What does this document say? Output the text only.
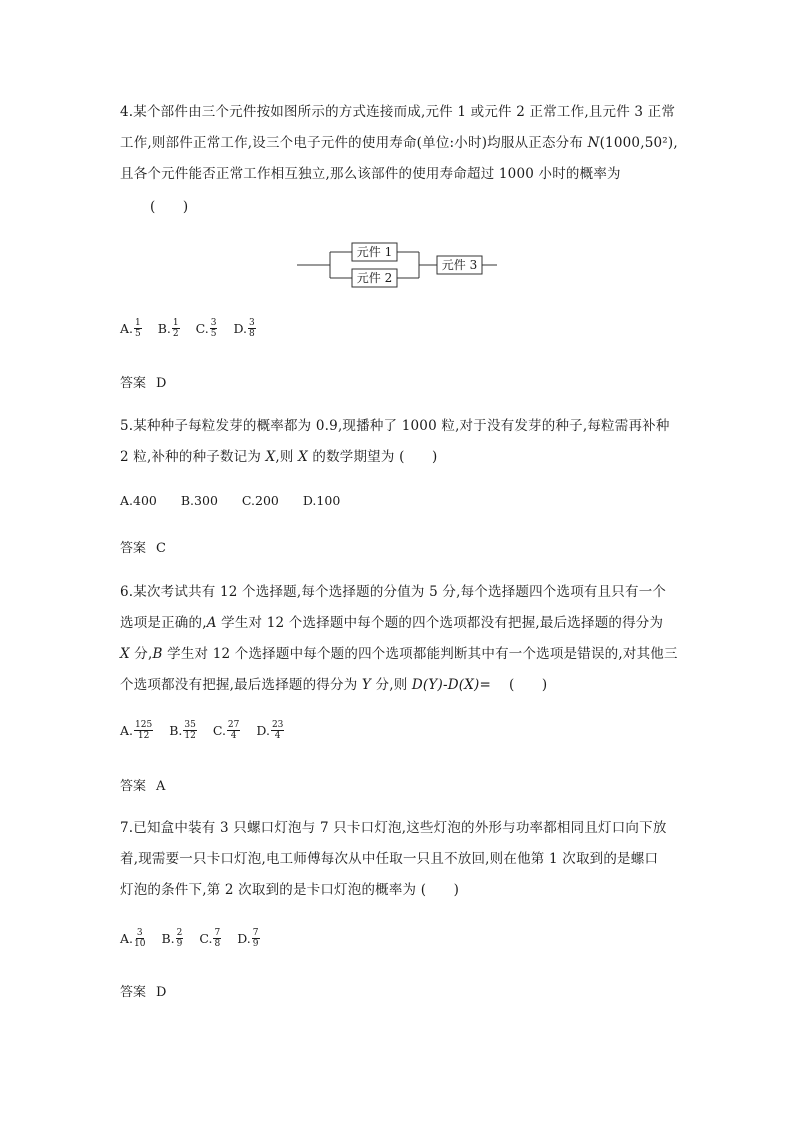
4.某个部件由三个元件按如图所示的方式连接而成,元件 1 或元件 2 正常工作,且元件 3 正常
工作,则部件正常工作,设三个电子元件的使用寿命(单位:小时)均服从正态分布 N(1000,50²),
且各个元件能否正常工作相互独立,那么该部件的使用寿命超过 1000 小时的概率为
(　　)
元件 1
元件 2
元件 3
A. $\frac{1}{5} B$. $\frac{1}{2} C$. $\frac{3}{5} D$. $\frac{3}{8}$
答案 D
5.某种种子每粒发芽的概率都为 0.9,现播种了 1000 粒,对于没有发芽的种子,每粒需再补种
2 粒,补种的种子数记为 X,则 X 的数学期望为 (　　)
A. 400 B. 300 C. 200 D. 100
答案 C
6.某次考试共有 12 个选择题,每个选择题的分值为 5 分,每个选择题四个选项有且只有一个
选项是正确的,A 学生对 12 个选择题中每个题的四个选项都没有把握,最后选择题的得分为
X 分,B 学生对 12 个选择题中每个题的四个选项都能判断其中有一个选项是错误的,对其他三
个选项都没有把握,最后选择题的得分为 Y 分,则 D(Y)-D(X)= (　　)
A. $\frac{125}{12} B$. $\frac{35}{12} C$. $\frac{27}{4} D$. $\frac{23}{4}$
答案 A
7.已知盒中装有 3 只螺口灯泡与 7 只卡口灯泡,这些灯泡的外形与功率都相同且灯口向下放
着,现需要一只卡口灯泡,电工师傅每次从中任取一只且不放回,则在他第 1 次取到的是螺口
灯泡的条件下,第 2 次取到的是卡口灯泡的概率为 (　　)
A. $\frac{3}{10} B$. $\frac{2}{9} C$. $\frac{7}{8} D$. $\frac{7}{9}$
答案 D
